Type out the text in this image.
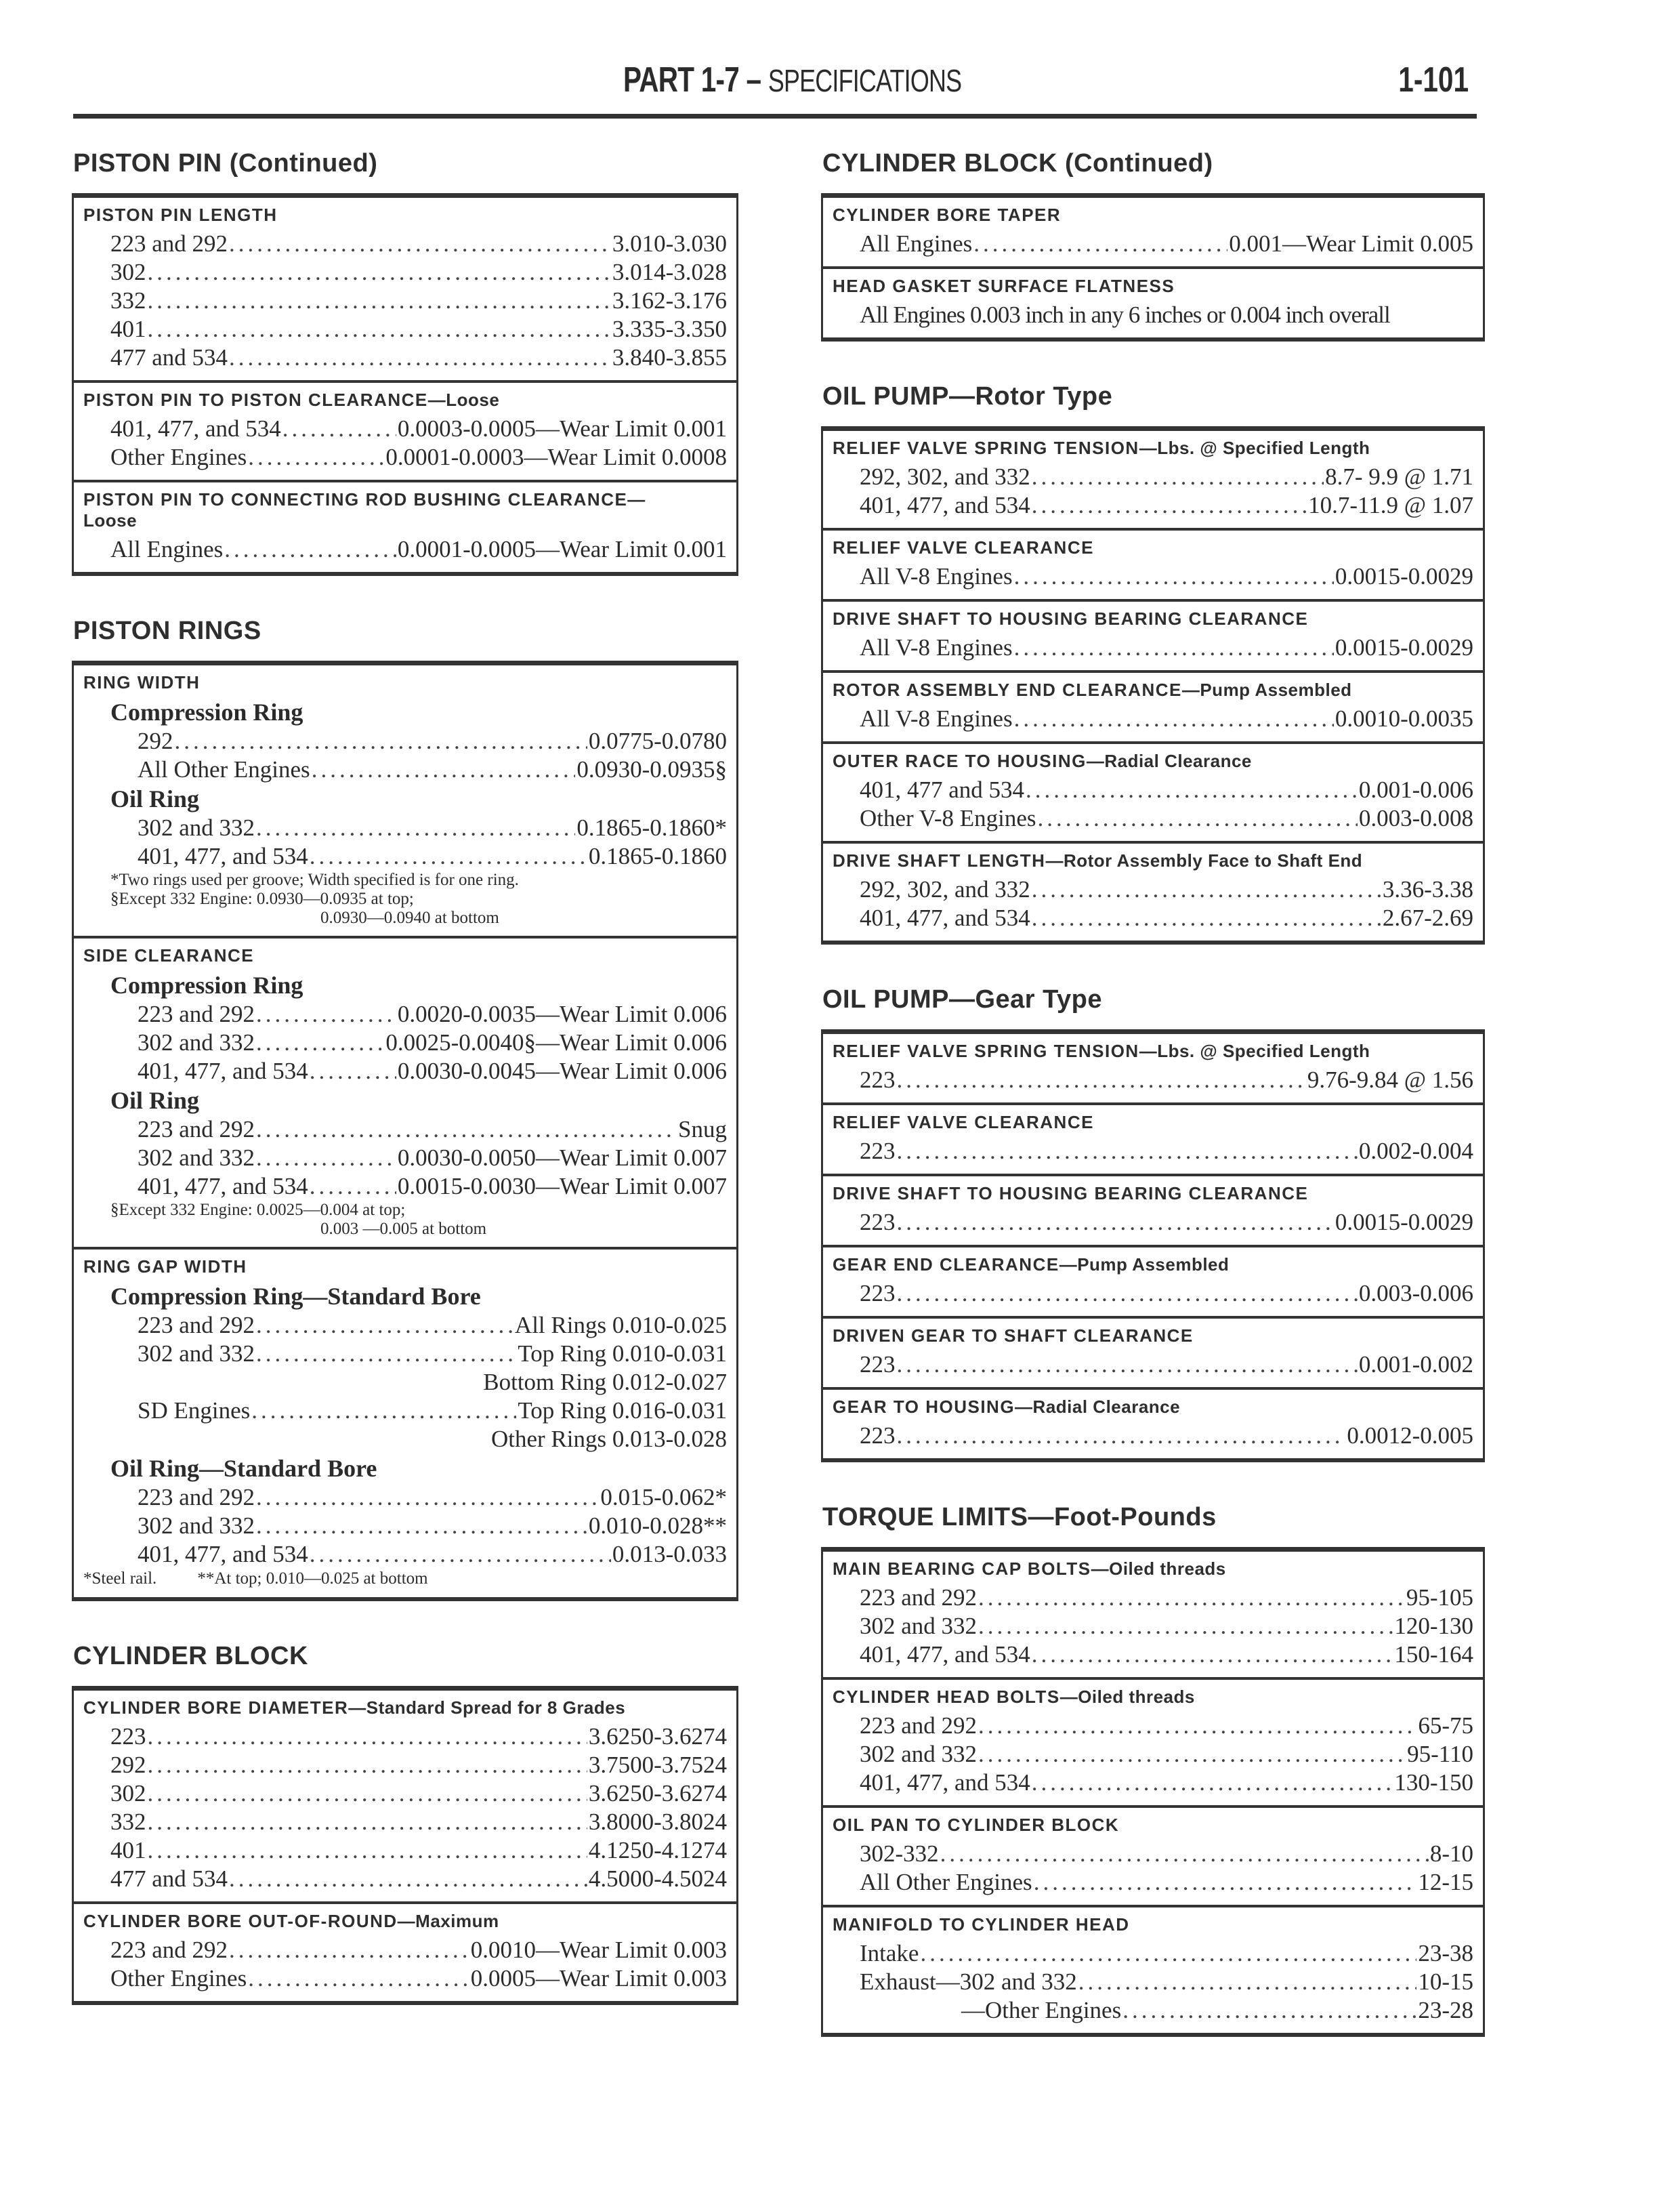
PART 1-7 – SPECIFICATIONS	1-101
PISTON PIN (Continued)
PISTON PIN LENGTH
223 and 292 .....	3.010-3.030
302 .....	3.014-3.028
332 .....	3.162-3.176
401 .....	3.335-3.350
477 and 534 .....	3.840-3.855
PISTON PIN TO PISTON CLEARANCE—Loose
401, 477, and 534 .....	0.0003-0.0005—Wear Limit 0.001
Other Engines .....	0.0001-0.0003—Wear Limit 0.0008
PISTON PIN TO CONNECTING ROD BUSHING CLEARANCE—
Loose
All Engines .....	0.0001-0.0005—Wear Limit 0.001
PISTON RINGS
RING WIDTH
Compression Ring
292 .....	0.0775-0.0780
All Other Engines .....	0.0930-0.0935§
Oil Ring
302 and 332 .....	0.1865-0.1860*
401, 477, and 534 .....	0.1865-0.1860
*Two rings used per groove; Width specified is for one ring.
§Except 332 Engine: 0.0930—0.0935 at top;
0.0930—0.0940 at bottom
SIDE CLEARANCE
Compression Ring
223 and 292 .....	0.0020-0.0035—Wear Limit 0.006
302 and 332 .....	0.0025-0.0040§—Wear Limit 0.006
401, 477, and 534 .....	0.0030-0.0045—Wear Limit 0.006
Oil Ring
223 and 292 .....	Snug
302 and 332 .....	0.0030-0.0050—Wear Limit 0.007
401, 477, and 534 .....	0.0015-0.0030—Wear Limit 0.007
§Except 332 Engine: 0.0025—0.004 at top;
0.003 —0.005 at bottom
RING GAP WIDTH
Compression Ring—Standard Bore
223 and 292 .....	All Rings 0.010-0.025
302 and 332 .....	Top Ring 0.010-0.031
Bottom Ring 0.012-0.027
SD Engines .....	Top Ring 0.016-0.031
Other Rings 0.013-0.028
Oil Ring—Standard Bore
223 and 292 .....	0.015-0.062*
302 and 332 .....	0.010-0.028**
401, 477, and 534 .....	0.013-0.033
*Steel rail. **At top; 0.010—0.025 at bottom
CYLINDER BLOCK
CYLINDER BORE DIAMETER—Standard Spread for 8 Grades
223 .....	3.6250-3.6274
292 .....	3.7500-3.7524
302 .....	3.6250-3.6274
332 .....	3.8000-3.8024
401 .....	4.1250-4.1274
477 and 534 .....	4.5000-4.5024
CYLINDER BORE OUT-OF-ROUND—Maximum
223 and 292 .....	0.0010—Wear Limit 0.003
Other Engines .....	0.0005—Wear Limit 0.003
CYLINDER BLOCK (Continued)
CYLINDER BORE TAPER
All Engines .....	0.001—Wear Limit 0.005
HEAD GASKET SURFACE FLATNESS
All Engines 0.003 inch in any 6 inches or 0.004 inch overall
OIL PUMP—Rotor Type
RELIEF VALVE SPRING TENSION—Lbs. @ Specified Length
292, 302, and 332 .....	8.7- 9.9 @ 1.71
401, 477, and 534 .....	10.7-11.9 @ 1.07
RELIEF VALVE CLEARANCE
All V-8 Engines .....	0.0015-0.0029
DRIVE SHAFT TO HOUSING BEARING CLEARANCE
All V-8 Engines .....	0.0015-0.0029
ROTOR ASSEMBLY END CLEARANCE—Pump Assembled
All V-8 Engines .....	0.0010-0.0035
OUTER RACE TO HOUSING—Radial Clearance
401, 477 and 534 .....	0.001-0.006
Other V-8 Engines .....	0.003-0.008
DRIVE SHAFT LENGTH—Rotor Assembly Face to Shaft End
292, 302, and 332 .....	3.36-3.38
401, 477, and 534 .....	2.67-2.69
OIL PUMP—Gear Type
RELIEF VALVE SPRING TENSION—Lbs. @ Specified Length
223 .....	9.76-9.84 @ 1.56
RELIEF VALVE CLEARANCE
223 .....	0.002-0.004
DRIVE SHAFT TO HOUSING BEARING CLEARANCE
223 .....	0.0015-0.0029
GEAR END CLEARANCE—Pump Assembled
223 .....	0.003-0.006
DRIVEN GEAR TO SHAFT CLEARANCE
223 .....	0.001-0.002
GEAR TO HOUSING—Radial Clearance
223 .....	0.0012-0.005
TORQUE LIMITS—Foot-Pounds
MAIN BEARING CAP BOLTS—Oiled threads
223 and 292 .....	95-105
302 and 332 .....	120-130
401, 477, and 534 .....	150-164
CYLINDER HEAD BOLTS—Oiled threads
223 and 292 .....	65-75
302 and 332 .....	95-110
401, 477, and 534 .....	130-150
OIL PAN TO CYLINDER BLOCK
302-332 .....	8-10
All Other Engines .....	12-15
MANIFOLD TO CYLINDER HEAD
Intake .....	23-38
Exhaust—302 and 332 .....	10-15
—Other Engines .....	23-28
